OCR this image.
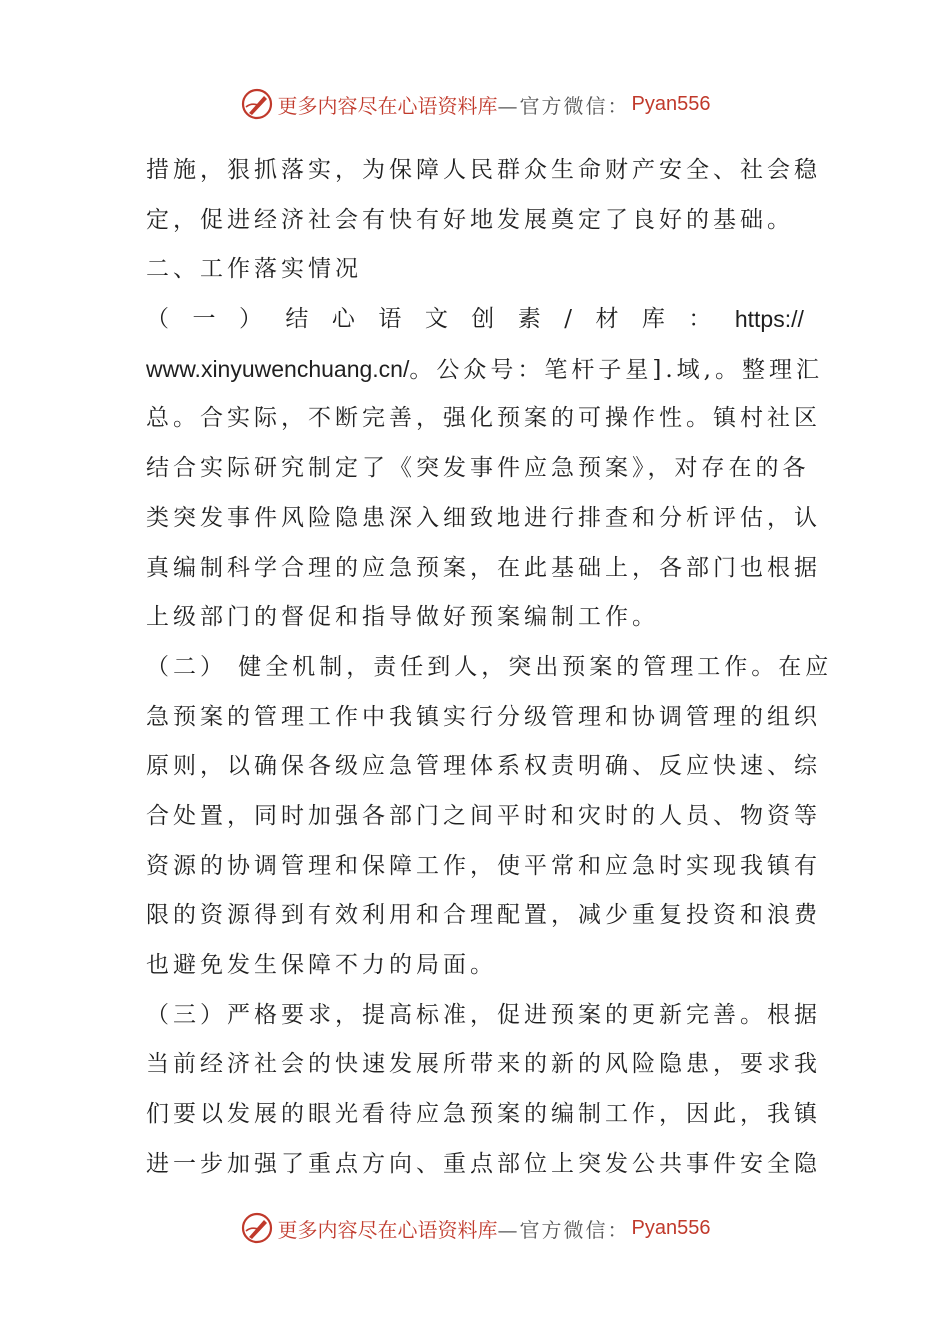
更多内容尽在心语资料库 —官方微信： Pyan556
措施，狠抓落实，为保障人民群众生命财产安全、社会稳
定，促进经济社会有快有好地发展奠定了良好的基础。
二、工作落实情况
（ 一 ） 结 心 语 文 创 素 / 材 库 ： https://
www.xinyuwenchuang.cn/。公众号：笔杆子星].域,。整理汇
总。合实际，不断完善，强化预案的可操作性。镇村社区
结合实际研究制定了《突发事件应急预案》，对存在的各
类突发事件风险隐患深入细致地进行排查和分析评估，认
真编制科学合理的应急预案，在此基础上，各部门也根据
上级部门的督促和指导做好预案编制工作。
（二） 健全机制，责任到人，突出预案的管理工作。在应
急预案的管理工作中我镇实行分级管理和协调管理的组织
原则，以确保各级应急管理体系权责明确、反应快速、综
合处置，同时加强各部门之间平时和灾时的人员、物资等
资源的协调管理和保障工作，使平常和应急时实现我镇有
限的资源得到有效利用和合理配置，减少重复投资和浪费
也避免发生保障不力的局面。
（三）严格要求，提高标准，促进预案的更新完善。根据
当前经济社会的快速发展所带来的新的风险隐患，要求我
们要以发展的眼光看待应急预案的编制工作，因此，我镇
进一步加强了重点方向、重点部位上突发公共事件安全隐
更多内容尽在心语资料库 —官方微信： Pyan556
